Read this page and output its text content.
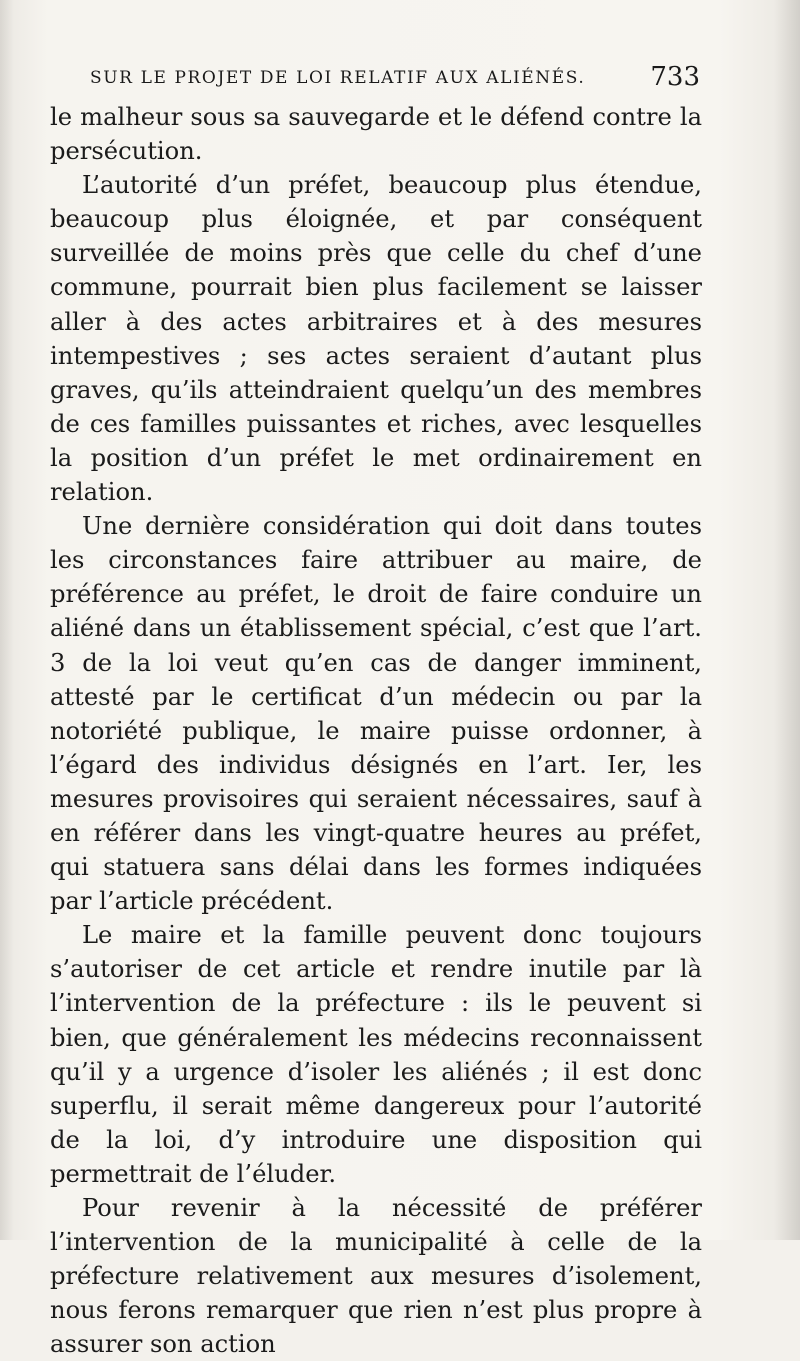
SUR LE PROJET DE LOI RELATIF AUX ALIÉNÉS. 733

le malheur sous sa sauvegarde et le défend contre la persécution.

L’autorité d’un préfet, beaucoup plus étendue, beaucoup plus éloignée, et par conséquent surveillée de moins près que celle du chef d’une commune, pourrait bien plus facilement se laisser aller à des actes arbitraires et à des mesures intempestives ; ses actes seraient d’autant plus graves, qu’ils atteindraient quelqu’un des membres de ces familles puissantes et riches, avec lesquelles la position d’un préfet le met ordinairement en relation.

Une dernière considération qui doit dans toutes les circonstances faire attribuer au maire, de préférence au préfet, le droit de faire conduire un aliéné dans un établissement spécial, c’est que l’art. 3 de la loi veut qu’en cas de danger imminent, attesté par le certificat d’un médecin ou par la notoriété publique, le maire puisse ordonner, à l’égard des individus désignés en l’art. Ier, les mesures provisoires qui seraient nécessaires, sauf à en référer dans les vingt-quatre heures au préfet, qui statuera sans délai dans les formes indiquées par l’article précédent.

Le maire et la famille peuvent donc toujours s’autoriser de cet article et rendre inutile par là l’intervention de la préfecture : ils le peuvent si bien, que généralement les médecins reconnaissent qu’il y a urgence d’isoler les aliénés ; il est donc superflu, il serait même dangereux pour l’autorité de la loi, d’y introduire une disposition qui permettrait de l’éluder.

Pour revenir à la nécessité de préférer l’intervention de la municipalité à celle de la préfecture relativement aux mesures d’isolement, nous ferons remarquer que rien n’est plus propre à assurer son action
